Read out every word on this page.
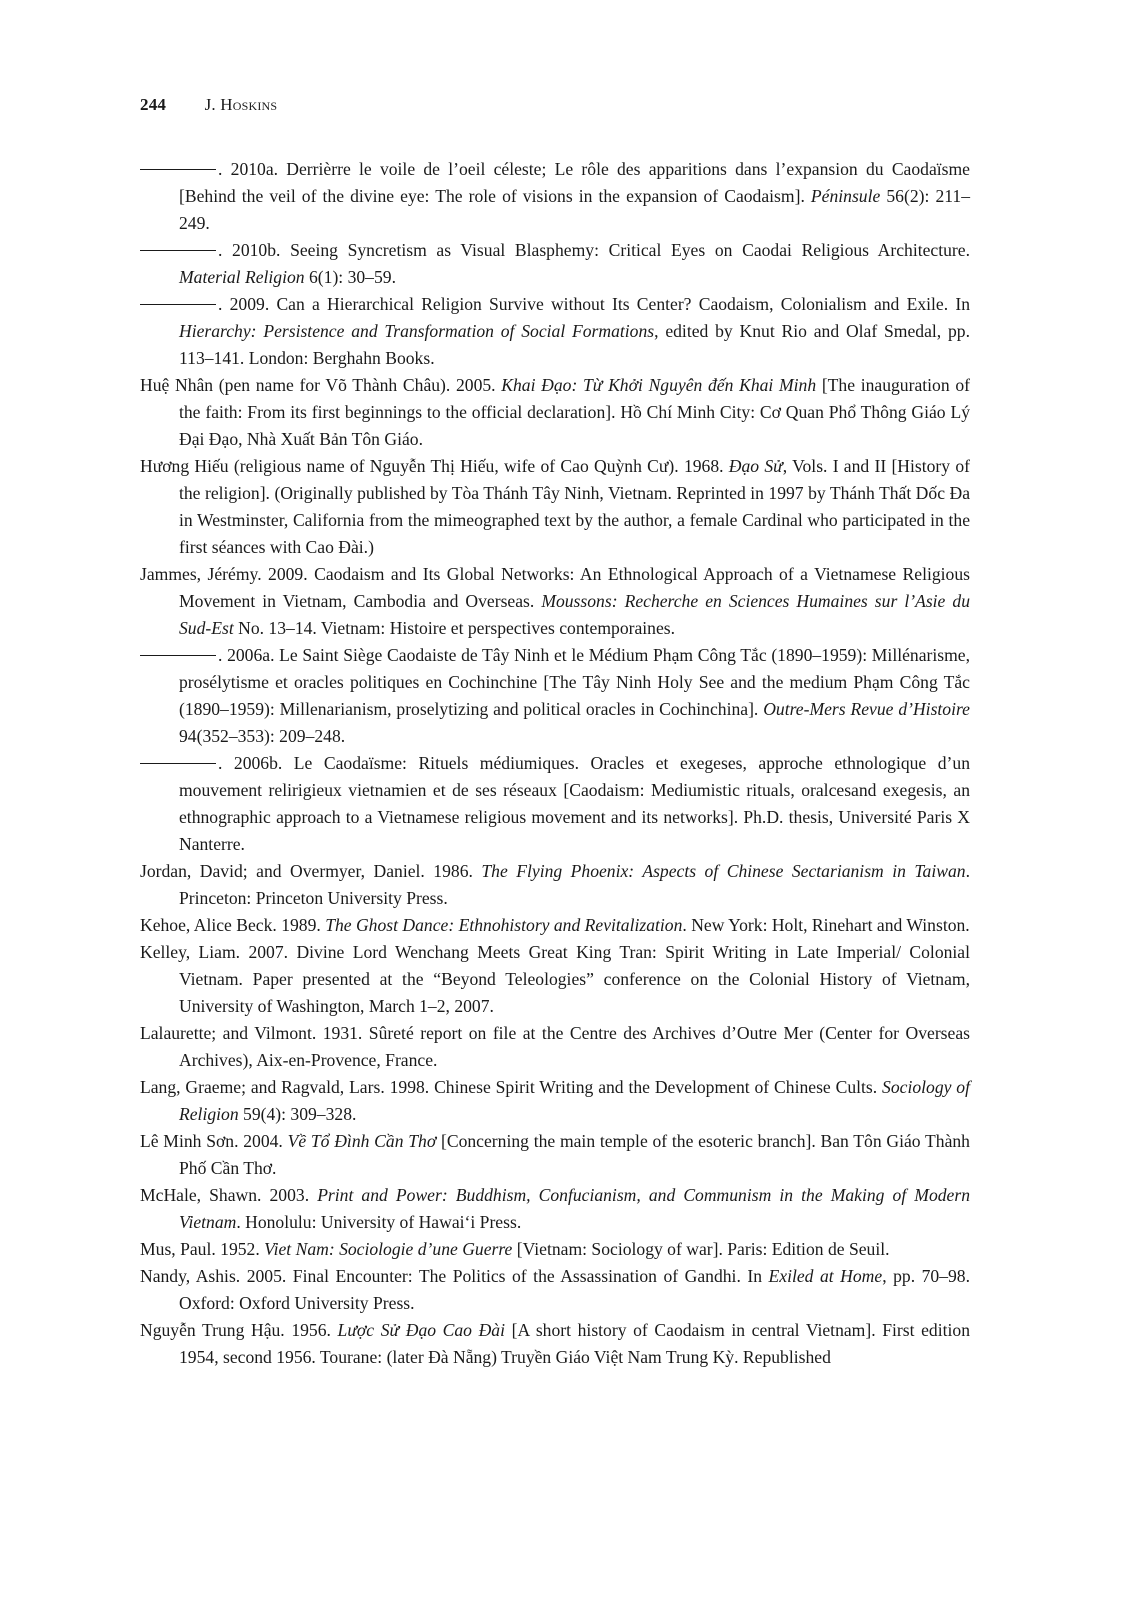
244 J. Hoskins
. 2010a. Derrièrre le voile de l’oeil céleste; Le rôle des apparitions dans l’expansion du Caodaïsme [Behind the veil of the divine eye: The role of visions in the expansion of Caodaism]. Péninsule 56(2): 211–249.
. 2010b. Seeing Syncretism as Visual Blasphemy: Critical Eyes on Caodai Religious Architecture. Material Religion 6(1): 30–59.
. 2009. Can a Hierarchical Religion Survive without Its Center? Caodaism, Colonialism and Exile. In Hierarchy: Persistence and Transformation of Social Formations, edited by Knut Rio and Olaf Smedal, pp. 113–141. London: Berghahn Books.
Huệ Nhân (pen name for Võ Thành Châu). 2005. Khai Đạo: Từ Khởi Nguyên đến Khai Minh [The inauguration of the faith: From its first beginnings to the official declaration]. Hồ Chí Minh City: Cơ Quan Phổ Thông Giáo Lý Đại Đạo, Nhà Xuất Bản Tôn Giáo.
Hương Hiếu (religious name of Nguyễn Thị Hiếu, wife of Cao Quỳnh Cư). 1968. Đạo Sử, Vols. I and II [History of the religion]. (Originally published by Tòa Thánh Tây Ninh, Vietnam. Reprinted in 1997 by Thánh Thất Dốc Đa in Westminster, California from the mimeographed text by the author, a female Cardinal who participated in the first séances with Cao Đài.)
Jammes, Jérémy. 2009. Caodaism and Its Global Networks: An Ethnological Approach of a Vietnamese Religious Movement in Vietnam, Cambodia and Overseas. Moussons: Recherche en Sciences Humaines sur l’Asie du Sud-Est No. 13–14. Vietnam: Histoire et perspectives contemporaines.
. 2006a. Le Saint Siège Caodaiste de Tây Ninh et le Médium Phạm Công Tắc (1890–1959): Millénarisme, prosélytisme et oracles politiques en Cochinchine [The Tây Ninh Holy See and the medium Phạm Công Tắc (1890–1959): Millenarianism, proselytizing and political oracles in Cochinchina]. Outre-Mers Revue d’Histoire 94(352–353): 209–248.
. 2006b. Le Caodaïsme: Rituels médiumiques. Oracles et exegeses, approche ethnologique d’un mouvement relirigieux vietnamien et de ses réseaux [Caodaism: Mediumistic rituals, oralcesand exegesis, an ethnographic approach to a Vietnamese religious movement and its networks]. Ph.D. thesis, Université Paris X Nanterre.
Jordan, David; and Overmyer, Daniel. 1986. The Flying Phoenix: Aspects of Chinese Sectarianism in Taiwan. Princeton: Princeton University Press.
Kehoe, Alice Beck. 1989. The Ghost Dance: Ethnohistory and Revitalization. New York: Holt, Rinehart and Winston.
Kelley, Liam. 2007. Divine Lord Wenchang Meets Great King Tran: Spirit Writing in Late Imperial/ Colonial Vietnam. Paper presented at the “Beyond Teleologies” conference on the Colonial History of Vietnam, University of Washington, March 1–2, 2007.
Lalaurette; and Vilmont. 1931. Sûreté report on file at the Centre des Archives d’Outre Mer (Center for Overseas Archives), Aix-en-Provence, France.
Lang, Graeme; and Ragvald, Lars. 1998. Chinese Spirit Writing and the Development of Chinese Cults. Sociology of Religion 59(4): 309–328.
Lê Minh Sơn. 2004. Về Tổ Đình Cần Thơ [Concerning the main temple of the esoteric branch]. Ban Tôn Giáo Thành Phố Cần Thơ.
McHale, Shawn. 2003. Print and Power: Buddhism, Confucianism, and Communism in the Making of Modern Vietnam. Honolulu: University of Hawai‘i Press.
Mus, Paul. 1952. Viet Nam: Sociologie d’une Guerre [Vietnam: Sociology of war]. Paris: Edition de Seuil.
Nandy, Ashis. 2005. Final Encounter: The Politics of the Assassination of Gandhi. In Exiled at Home, pp. 70–98. Oxford: Oxford University Press.
Nguyễn Trung Hậu. 1956. Lược Sử Đạo Cao Đài [A short history of Caodaism in central Vietnam]. First edition 1954, second 1956. Tourane: (later Đà Nẵng) Truyền Giáo Việt Nam Trung Kỳ. Republished
